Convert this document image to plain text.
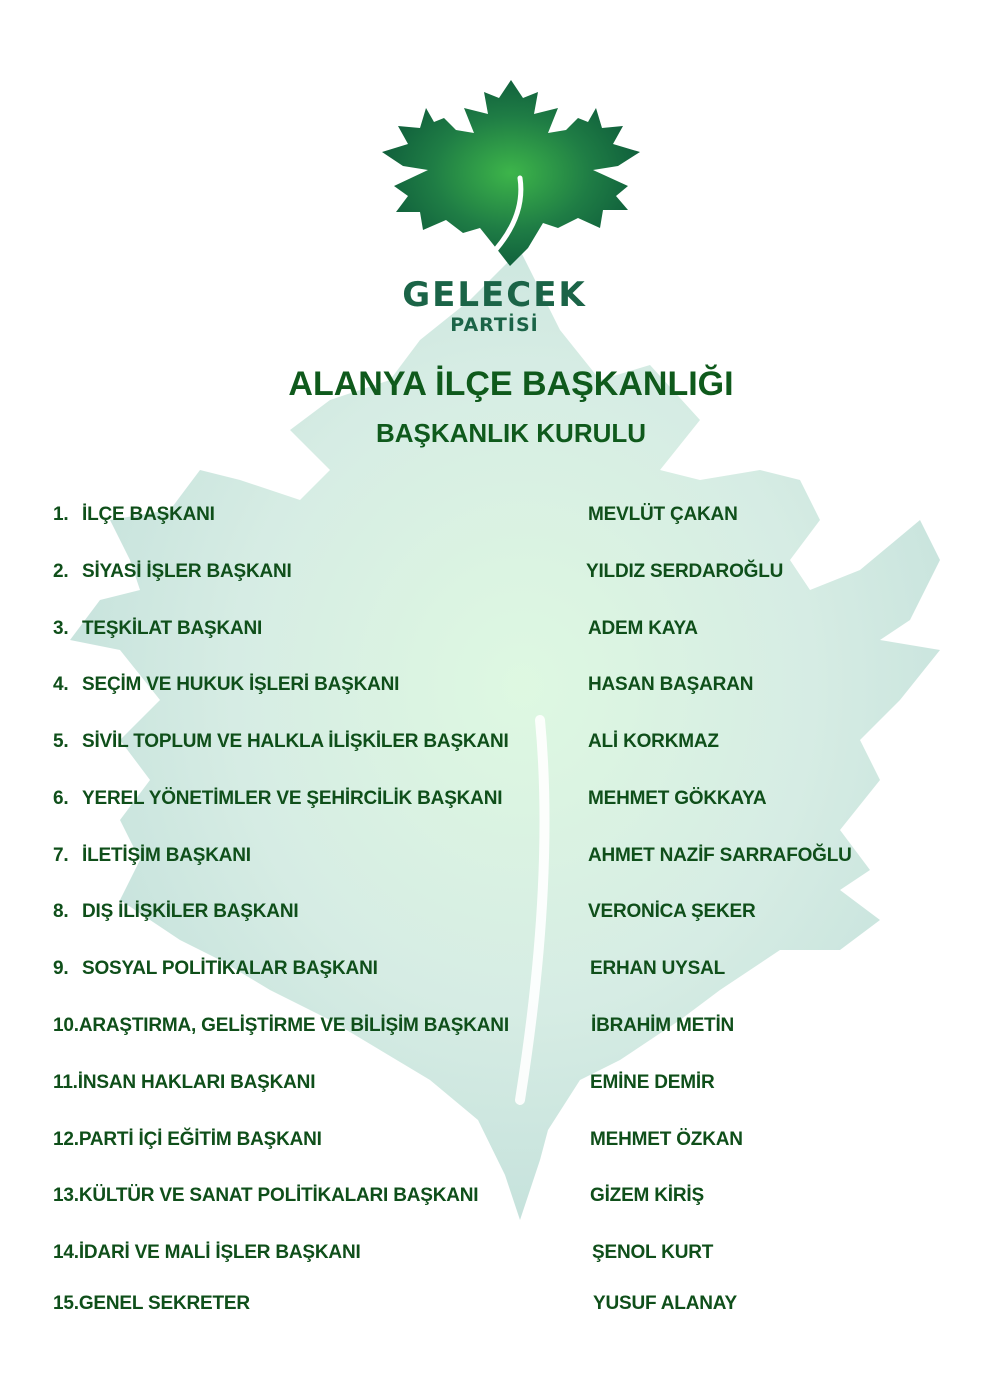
GELECEK
PARTİSİ
ALANYA İLÇE BAŞKANLIĞI
BAŞKANLIK KURULU
1. İLÇE BAŞKANI	MEVLÜT ÇAKAN
2. SİYASİ İŞLER BAŞKANI	YILDIZ SERDAROĞLU
3. TEŞKİLAT BAŞKANI	ADEM KAYA
4. SEÇİM VE HUKUK İŞLERİ BAŞKANI	HASAN BAŞARAN
5. SİVİL TOPLUM VE HALKLA İLİŞKİLER BAŞKANI	ALİ KORKMAZ
6. YEREL YÖNETİMLER VE ŞEHİRCİLİK BAŞKANI	MEHMET GÖKKAYA
7. İLETİŞİM BAŞKANI	AHMET NAZİF SARRAFOĞLU
8. DIŞ İLİŞKİLER BAŞKANI	VERONİCA ŞEKER
9. SOSYAL POLİTİKALAR BAŞKANI	ERHAN UYSAL
10.ARAŞTIRMA, GELİŞTİRME VE BİLİŞİM BAŞKANI	İBRAHİM METİN
11.İNSAN HAKLARI BAŞKANI	EMİNE DEMİR
12.PARTİ İÇİ EĞİTİM BAŞKANI	MEHMET ÖZKAN
13.KÜLTÜR VE SANAT POLİTİKALARI BAŞKANI	GİZEM KİRİŞ
14.İDARİ VE MALİ İŞLER BAŞKANI	ŞENOL KURT
15.GENEL SEKRETER	YUSUF ALANAY
